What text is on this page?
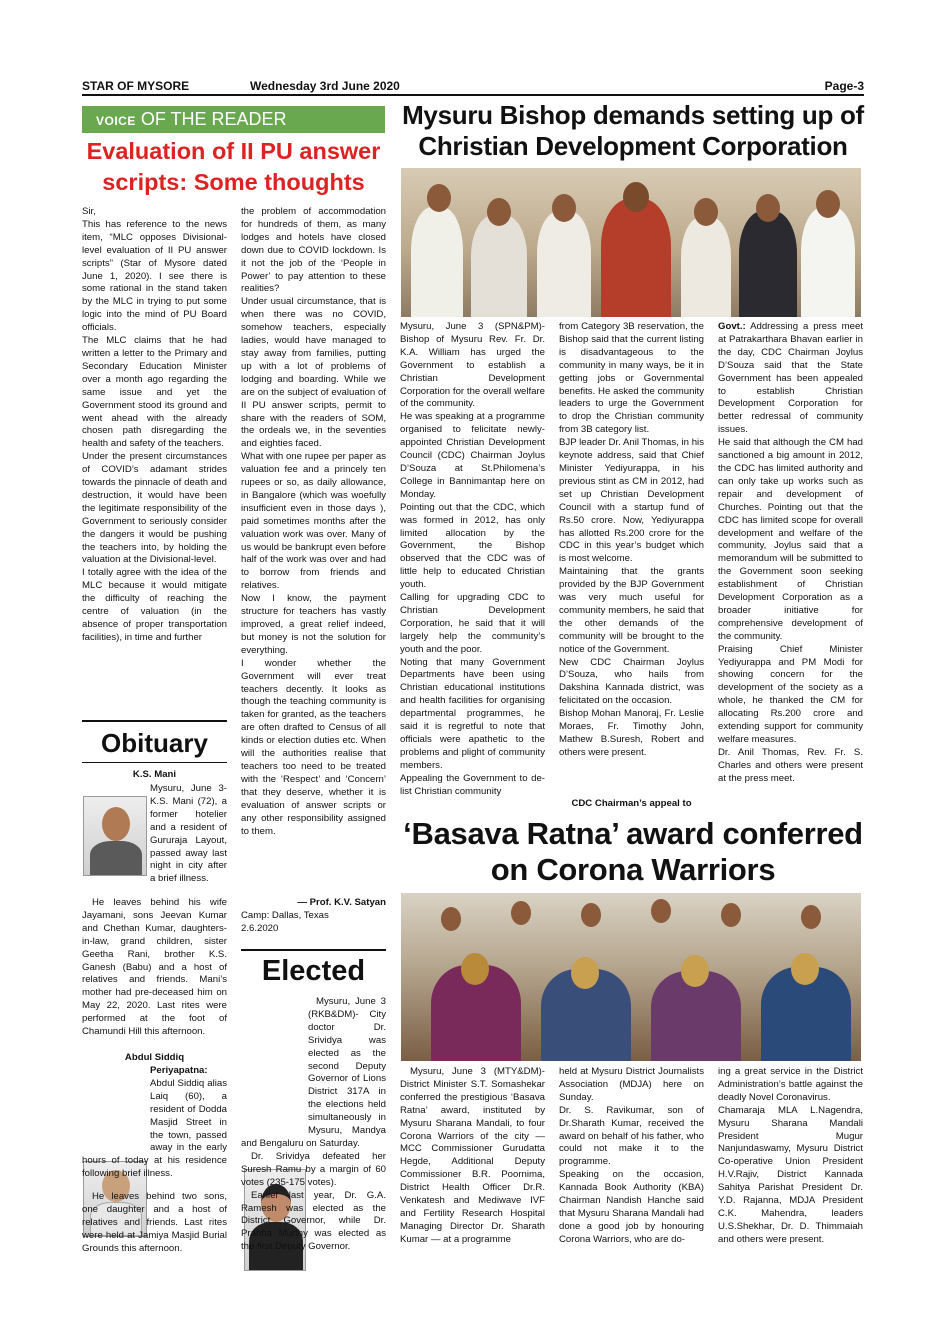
STAR OF MYSORE	Wednesday 3rd June 2020	Page-3
VOICE OF THE READER
Evaluation of II PU answer
scripts: Some thoughts
Sir,
This has reference to the news item, “MLC opposes Divisional-level evaluation of II PU answer scripts” (Star of Mysore dated June 1, 2020). I see there is some rational in the stand taken by the MLC in trying to put some logic into the mind of PU Board officials.
The MLC claims that he had written a letter to the Primary and Secondary Education Minister over a month ago regarding the same issue and yet the Government stood its ground and went ahead with the already chosen path disregarding the health and safety of the teachers.
Under the present circumstances of COVID’s adamant strides towards the pinnacle of death and destruction, it would have been the legitimate responsibility of the Government to seriously consider the dangers it would be pushing the teachers into, by holding the valuation at the Divisional-level.
I totally agree with the idea of the MLC because it would mitigate the difficulty of reaching the centre of valuation (in the absence of proper transportation facilities), in time and further
the problem of accommodation for hundreds of them, as many lodges and hotels have closed down due to COVID lockdown. Is it not the job of the ‘People in Power’ to pay attention to these realities?
Under usual circumstance, that is when there was no COVID, somehow teachers, especially ladies, would have managed to stay away from families, putting up with a lot of problems of lodging and boarding. While we are on the subject of evaluation of II PU answer scripts, permit to share with the readers of SOM, the ordeals we, in the seventies and eighties faced.
What with one rupee per paper as valuation fee and a princely ten rupees or so, as daily allowance, in Bangalore (which was woefully insufficient even in those days ), paid sometimes months after the valuation work was over. Many of us would be bankrupt even before half of the work was over and had to borrow from friends and relatives.
Now I know, the payment structure for teachers has vastly improved, a great relief indeed, but money is not the solution for everything.
I wonder whether the Government will ever treat teachers decently. It looks as though the teaching community is taken for granted, as the teachers are often drafted to Census of all kinds or election duties etc. When will the authorities realise that teachers too need to be treated with the ‘Respect’ and ‘Concern’ that they deserve, whether it is evaluation of answer scripts or any other responsibility assigned to them.
— Prof. K.V. Satyan
Camp: Dallas, Texas
2.6.2020
Obituary
K.S. Mani
Mysuru, June 3- K.S. Mani (72), a former hotelier and a resident of Gururaja Layout, passed away last night in city after a brief illness.

He leaves behind his wife Jayamani, sons Jeevan Kumar and Chethan Kumar, daughters-in-law, grand children, sister Geetha Rani, brother K.S. Ganesh (Babu) and a host of relatives and friends. Mani’s mother had pre-deceased him on May 22, 2020. Last rites were performed at the foot of Chamundi Hill this afternoon.

Abdul Siddiq
Periyapatna:
Abdul Siddiq alias Laiq (60), a resident of Dodda Masjid Street in the town, passed away in the early hours of today at his residence following brief illness.

He leaves behind two sons, one daughter and a host of relatives and friends. Last rites were held at Jamiya Masjid Burial Grounds this afternoon.

Elected

Mysuru, June 3 (RKB&DM)- City doctor Dr. Srividya was elected as the second Deputy Governor of Lions District 317A in the elections held simultaneously in Mysuru, Mandya and Bengaluru on Saturday.

Dr. Srividya defeated her Suresh Ramu by a margin of 60 votes (235-175 votes).

Earlier last year, Dr. G.A. Ramesh was elected as the District Governor, while Dr. Prabha Murthy was elected as the first Deputy Governor.

Mysuru Bishop demands setting up of
Christian Development Corporation
Mysuru, June 3 (SPN&PM)- Bishop of Mysuru Rev. Fr. Dr. K.A. William has urged the Government to establish a Christian Development Corporation for the overall welfare of the community.
He was speaking at a programme organised to felicitate newly-appointed Christian Development Council (CDC) Chairman Joylus D’Souza at St.Philomena’s College in Bannimantap here on Monday.
Pointing out that the CDC, which was formed in 2012, has only limited allocation by the Government, the Bishop observed that the CDC was of little help to educated Christian youth.
Calling for upgrading CDC to Christian Development Corporation, he said that it will largely help the community’s youth and the poor.
Noting that many Government Departments have been using Christian educational institutions and health facilities for organising departmental programmes, he said it is regretful to note that officials were apathetic to the problems and plight of community members.
Appealing the Government to de-list Christian community
from Category 3B reservation, the Bishop said that the current listing is disadvantageous to the community in many ways, be it in getting jobs or Governmental benefits. He asked the community leaders to urge the Government to drop the Christian community from 3B category list.
BJP leader Dr. Anil Thomas, in his keynote address, said that Chief Minister Yediyurappa, in his previous stint as CM in 2012, had set up Christian Development Council with a startup fund of Rs.50 crore. Now, Yediyurappa has allotted Rs.200 crore for the CDC in this year’s budget which is most welcome.
Maintaining that the grants provided by the BJP Government was very much useful for community members, he said that the other demands of the community will be brought to the notice of the Government.
New CDC Chairman Joylus D’Souza, who hails from Dakshina Kannada district, was felicitated on the occasion.
Bishop Mohan Manoraj, Fr. Leslie Moraes, Fr. Timothy John, Mathew B.Suresh, Robert and others were present.
CDC Chairman’s appeal to
Govt.: Addressing a press meet at Patrakarthara Bhavan earlier in the day, CDC Chairman Joylus D’Souza said that the State Government has been appealed to establish Christian Development Corporation for better redressal of community issues.
He said that although the CM had sanctioned a big amount in 2012, the CDC has limited authority and can only take up works such as repair and development of Churches. Pointing out that the CDC has limited scope for overall development and welfare of the community, Joylus said that a memorandum will be submitted to the Government soon seeking establishment of Christian Development Corporation as a broader initiative for comprehensive development of the community.
Praising Chief Minister Yediyurappa and PM Modi for showing concern for the development of the society as a whole, he thanked the CM for allocating Rs.200 crore and extending support for community welfare measures.
Dr. Anil Thomas, Rev. Fr. S. Charles and others were present at the press meet.
‘Basava Ratna’ award conferred
on Corona Warriors

Mysuru, June 3 (MTY&DM)- District Minister S.T. Somashekar conferred the prestigious ‘Basava Ratna’ award, instituted by Mysuru Sharana Mandali, to four Corona Warriors of the city — MCC Commissioner Gurudatta Hegde, Additional Deputy Commissioner B.R. Poornima, District Health Officer Dr.R. Venkatesh and Mediwave IVF and Fertility Research Hospital Managing Director Dr. Sharath Kumar — at a programme

held at Mysuru District Journalists Association (MDJA) here on Sunday.
Dr. S. Ravikumar, son of Dr.Sharath Kumar, received the award on behalf of his father, who could not make it to the programme.
Speaking on the occasion, Kannada Book Authority (KBA) Chairman Nandish Hanche said that Mysuru Sharana Mandali had done a good job by honouring Corona Warriors, who are do-
ing a great service in the District Administration’s battle against the deadly Novel Coronavirus.
Chamaraja MLA L.Nagendra, Mysuru Sharana Mandali President Mugur Nanjundaswamy, Mysuru District Co-operative Union President H.V.Rajiv, District Kannada Sahitya Parishat President Dr. Y.D. Rajanna, MDJA President C.K. Mahendra, leaders U.S.Shekhar, Dr. D. Thimmaiah and others were present.
